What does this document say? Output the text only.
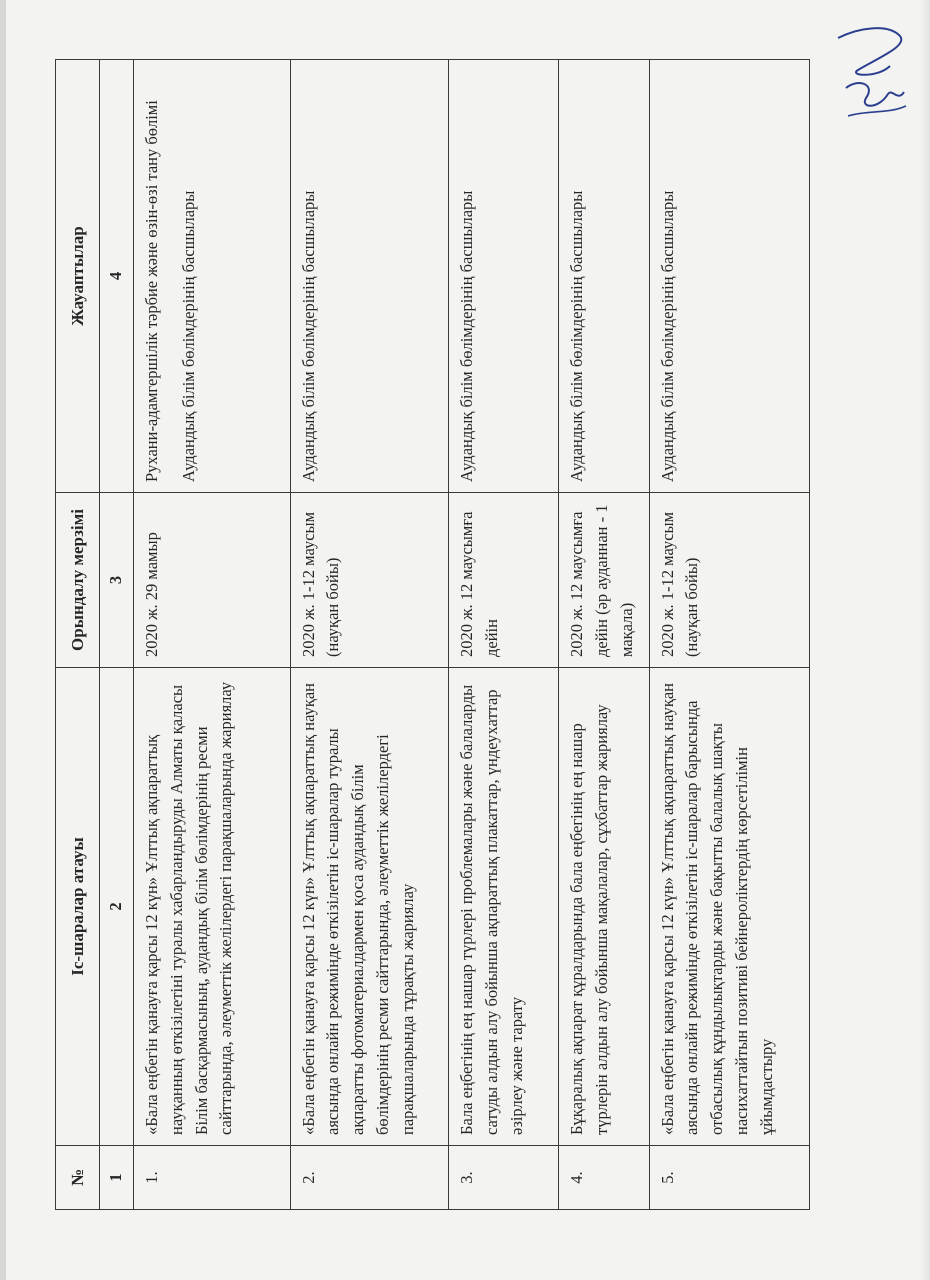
№	Іс-шаралар атауы	Орындалу мерзімі	Жауаптылар
1	2	3	4
1.	«Бала еңбегін қанауға қарсы 12 күн» Ұлттық ақпараттық науқанның өткізілетіні туралы хабарландыруды Алматы қаласы Білім басқармасының, аудандық білім бөлімдерінің ресми сайттарында, әлеуметтік желілердегі парақшаларында жариялау	2020 ж. 29 мамыр	Рухани-адамгершілік тәрбие және өзін-өзі тану бөлімі Аудандық білім бөлімдерінің басшылары

2.	«Бала еңбегін қанауға қарсы 12 күн» Ұлттық ақпараттық науқан аясында онлайн режимінде өткізілетін іс-шаралар туралы ақпаратты фотоматериалдармен қоса аудандық білім бөлімдерінің ресми сайттарында, әлеуметтік желілердегі парақшаларында тұрақты жариялау	2020 ж. 1-12 маусым (науқан бойы)	Аудандық білім бөлімдерінің басшылары
3.	Бала еңбегінің ең нашар түрлері проблемалары және балаларды сатуды алдын алу бойынша ақпараттық плакаттар, үндеухаттар әзірлеу және тарату	2020 ж. 12 маусымға дейін	Аудандық білім бөлімдерінің басшылары
4.	Бұқаралық ақпарат құралдарында бала еңбегінің ең нашар түрлерін алдын алу бойынша мақалалар, сұхбаттар жариялау	2020 ж. 12 маусымға дейін (әр ауданнан - 1 мақала)	Аудандық білім бөлімдерінің басшылары
5.	«Бала еңбегін қанауға қарсы 12 күн» Ұлттық ақпараттық науқан аясында онлайн режимінде өткізілетін іс-шаралар барысында отбасылық құндылықтарды және бақытты балалық шақты насихаттайтын позитиві бейнероліктердің көрсетілімін ұйымдастыру	2020 ж. 1-12 маусым (науқан бойы)	Аудандық білім бөлімдерінің басшылары
